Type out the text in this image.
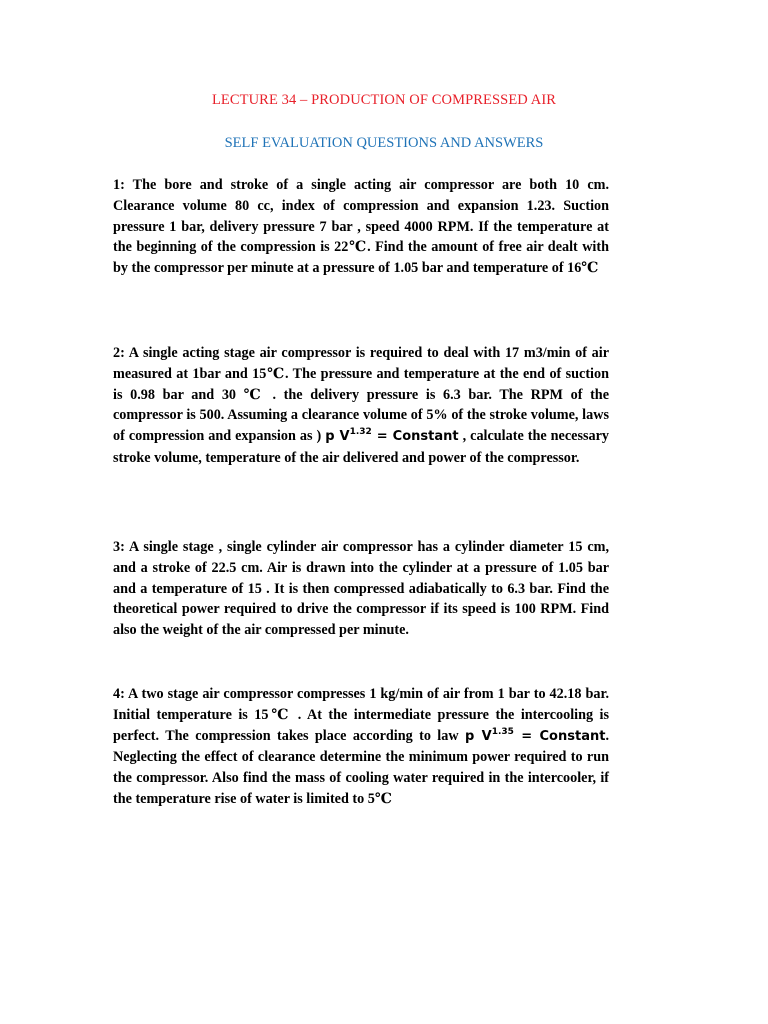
LECTURE 34 – PRODUCTION OF COMPRESSED AIR
SELF EVALUATION QUESTIONS AND ANSWERS
1: The bore and stroke of a single acting air compressor are both 10 cm. Clearance volume 80 cc, index of compression and expansion 1.23. Suction pressure 1 bar, delivery pressure 7 bar , speed 4000 RPM. If the temperature at the beginning of the compression is 22℃. Find the amount of free air dealt with by the compressor per minute at a pressure of 1.05 bar and temperature of 16℃
2: A single acting stage air compressor is required to deal with 17 m3/min of air measured at 1bar and 15℃. The pressure and temperature at the end of suction is 0.98 bar and 30 ℃ . the delivery pressure is 6.3 bar. The RPM of the compressor is 500. Assuming a clearance volume of 5% of the stroke volume, laws of compression and expansion as ) p $V^{1.32}$ = Constant , calculate the necessary stroke volume, temperature of the air delivered and power of the compressor.
3: A single stage , single cylinder air compressor has a cylinder diameter 15 cm, and a stroke of 22.5 cm. Air is drawn into the cylinder at a pressure of 1.05 bar and a temperature of 15 . It is then compressed adiabatically to 6.3 bar. Find the theoretical power required to drive the compressor if its speed is 100 RPM. Find also the weight of the air compressed per minute.
4: A two stage air compressor compresses 1 kg/min of air from 1 bar to 42.18 bar. Initial temperature is 15℃ . At the intermediate pressure the intercooling is perfect. The compression takes place according to law p $V^{1.35}$ = Constant. Neglecting the effect of clearance determine the minimum power required to run the compressor. Also find the mass of cooling water required in the intercooler, if the temperature rise of water is limited to 5℃
